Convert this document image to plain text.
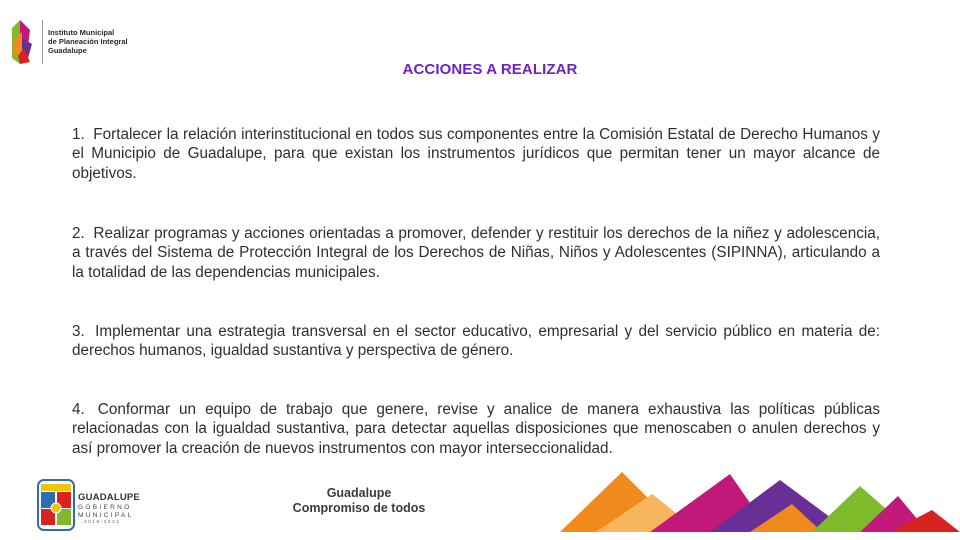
Instituto Municipal
de Planeación Integral
Guadalupe
ACCIONES A REALIZAR
1. Fortalecer la relación interinstitucional en todos sus componentes entre la Comisión Estatal de Derecho Humanos y el Municipio de Guadalupe, para que existan los instrumentos jurídicos que permitan tener un mayor alcance de objetivos.
2. Realizar programas y acciones orientadas a promover, defender y restituir los derechos de la niñez y adolescencia, a través del Sistema de Protección Integral de los Derechos de Niñas, Niños y Adolescentes (SIPINNA), articulando a la totalidad de las dependencias municipales.
3. Implementar una estrategia transversal en el sector educativo, empresarial y del servicio público en materia de: derechos humanos, igualdad sustantiva y perspectiva de género.
4. Conformar un equipo de trabajo que genere, revise y analice de manera exhaustiva las políticas públicas relacionadas con la igualdad sustantiva, para detectar aquellas disposiciones que menoscaben o anulen derechos y así promover la creación de nuevos instrumentos con mayor interseccionalidad.
GUADALUPE
GOBIERNO
MUNICIPAL
2018-2021
Guadalupe
Compromiso de todos
